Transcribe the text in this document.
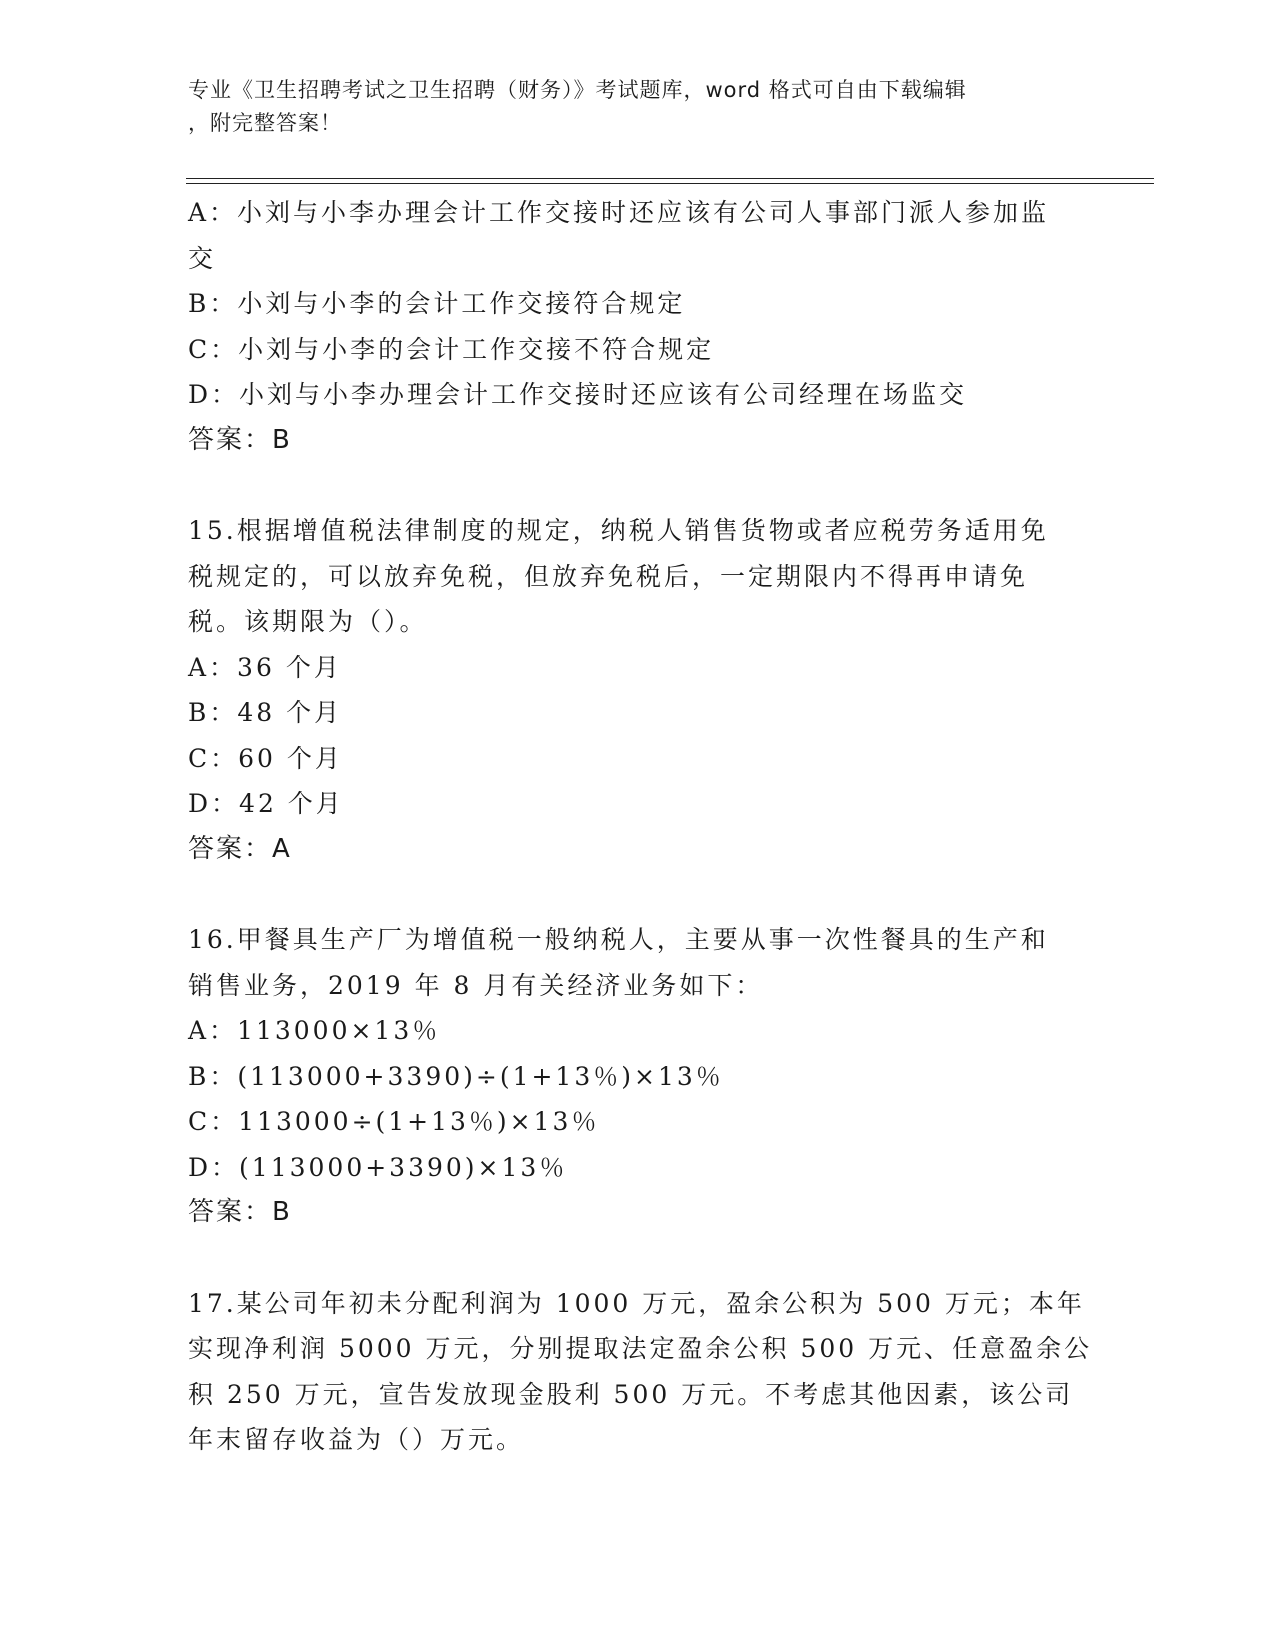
专业《卫生招聘考试之卫生招聘（财务）》考试题库，word 格式可自由下载编辑
，附完整答案！
A：小刘与小李办理会计工作交接时还应该有公司人事部门派人参加监
交
B：小刘与小李的会计工作交接符合规定
C：小刘与小李的会计工作交接不符合规定
D：小刘与小李办理会计工作交接时还应该有公司经理在场监交
答案：B
15.根据增值税法律制度的规定，纳税人销售货物或者应税劳务适用免
税规定的，可以放弃免税，但放弃免税后，一定期限内不得再申请免
税。该期限为（）。
A：36 个月
B：48 个月
C：60 个月
D：42 个月
答案：A
16.甲餐具生产厂为增值税一般纳税人，主要从事一次性餐具的生产和
销售业务，2019 年 8 月有关经济业务如下：
A：113000×13％
B：(113000+3390)÷(1+13％)×13％
C：113000÷(1+13％)×13％
D：(113000+3390)×13％
答案：B
17.某公司年初未分配利润为 1000 万元，盈余公积为 500 万元；本年
实现净利润 5000 万元，分别提取法定盈余公积 500 万元、任意盈余公
积 250 万元，宣告发放现金股利 500 万元。不考虑其他因素，该公司
年末留存收益为（）万元。
